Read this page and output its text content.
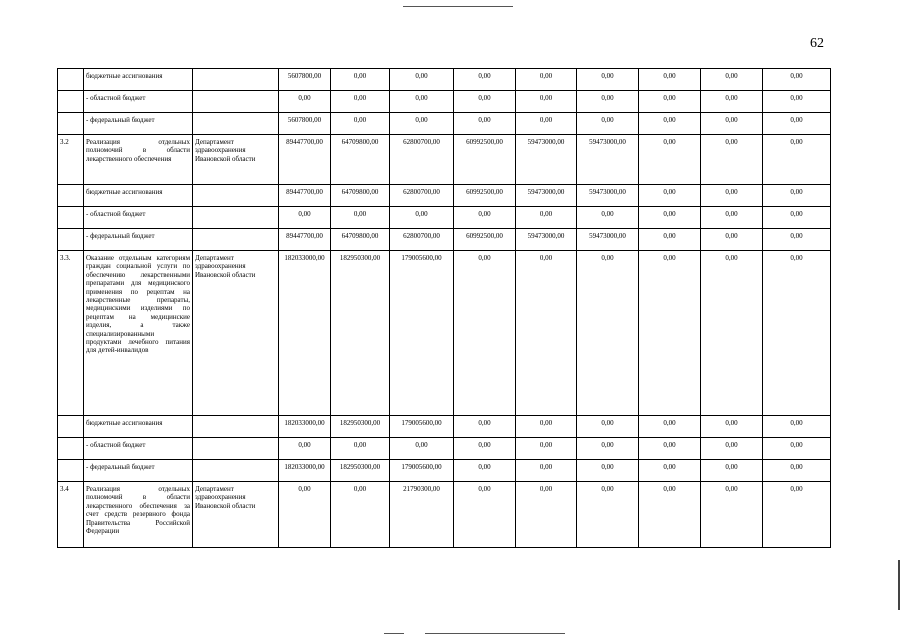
62
	бюджетные ассигнования		5607800,00	0,00	0,00	0,00	0,00	0,00	0,00	0,00	0,00
	- областной бюджет		0,00	0,00	0,00	0,00	0,00	0,00	0,00	0,00	0,00
	- федеральный бюджет		5607800,00	0,00	0,00	0,00	0,00	0,00	0,00	0,00	0,00
3.2	Реализация отдельных полномочий в области лекарственного обеспечения	Департамент здравоохранения Ивановской области	89447700,00	64709800,00	62800700,00	60992500,00	59473000,00	59473000,00	0,00	0,00	0,00
	бюджетные ассигнования		89447700,00	64709800,00	62800700,00	60992500,00	59473000,00	59473000,00	0,00	0,00	0,00
	- областной бюджет		0,00	0,00	0,00	0,00	0,00	0,00	0,00	0,00	0,00
	- федеральный бюджет		89447700,00	64709800,00	62800700,00	60992500,00	59473000,00	59473000,00	0,00	0,00	0,00
3.3.	Оказание отдельным категориям граждан социальной услуги по обеспечению лекарственными препаратами для медицинского применения по рецептам на лекарственные препараты, медицинскими изделиями по рецептам на медицинские изделия, а также специализированными продуктами лечебного питания для детей-инвалидов	Департамент здравоохранения Ивановской области	182033000,00	182950300,00	179005600,00	0,00	0,00	0,00	0,00	0,00	0,00
	бюджетные ассигнования		182033000,00	182950300,00	179005600,00	0,00	0,00	0,00	0,00	0,00	0,00
	- областной бюджет		0,00	0,00	0,00	0,00	0,00	0,00	0,00	0,00	0,00
	- федеральный бюджет		182033000,00	182950300,00	179005600,00	0,00	0,00	0,00	0,00	0,00	0,00
3.4	Реализация отдельных полномочий в области лекарственного обеспечения за счет средств резервного фонда Правительства Российской Федерации	Департамент здравоохранения Ивановской области	0,00	0,00	21790300,00	0,00	0,00	0,00	0,00	0,00	0,00
